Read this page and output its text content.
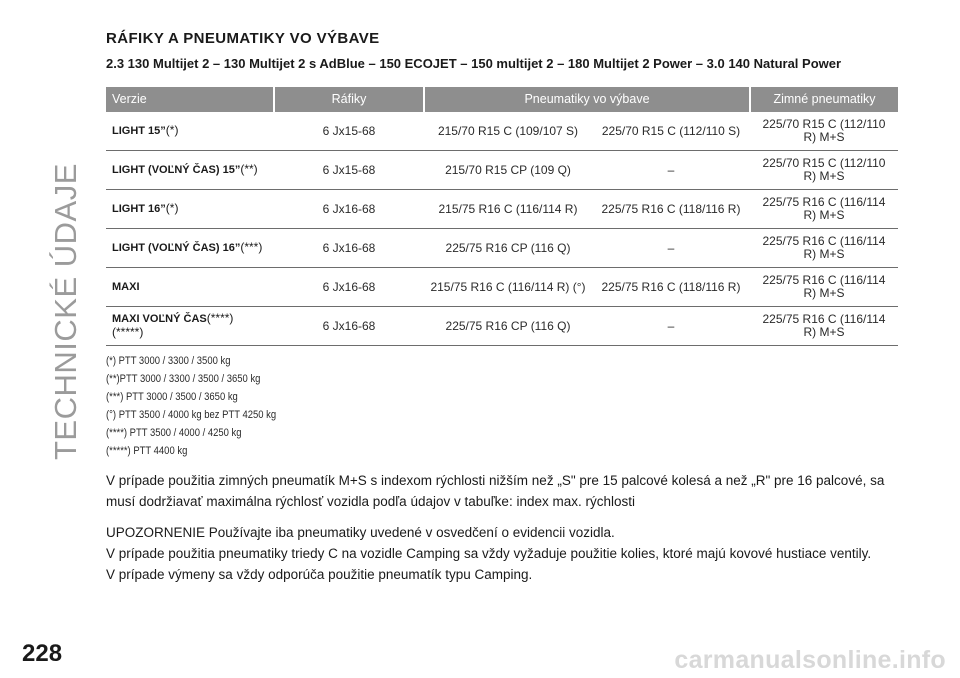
TECHNICKÉ ÚDAJE
228	carmanualsonline.info
RÁFIKY A PNEUMATIKY VO VÝBAVE

2.3 130 Multijet 2 – 130 Multijet 2 s AdBlue – 150 ECOJET – 150 multijet 2 – 180 Multijet 2 Power – 3.0 140 Natural Power

Verzie	Ráfiky	Pneumatiky vo výbave		Zimné pneumatiky
LIGHT 15”(*)	6 Jx15-68	215/70 R15 C (109/107 S)	225/70 R15 C (112/110 S)	225/70 R15 C (112/110 R) M+S
LIGHT (VOĽNÝ ČAS) 15”(**)	6 Jx15-68	215/70 R15 CP (109 Q)	–	225/70 R15 C (112/110 R) M+S
LIGHT 16”(*)	6 Jx16-68	215/75 R16 C (116/114 R)	225/75 R16 C (118/116 R)	225/75 R16 C (116/114 R) M+S
LIGHT (VOĽNÝ ČAS) 16”(***)	6 Jx16-68	225/75 R16 CP (116 Q)	–	225/75 R16 C (116/114 R) M+S
MAXI	6 Jx16-68	215/75 R16 C (116/114 R) (°)	225/75 R16 C (118/116 R)	225/75 R16 C (116/114 R) M+S
MAXI VOĽNÝ ČAS(****) (*****)	6 Jx16-68	225/75 R16 CP (116 Q)	–	225/75 R16 C (116/114 R) M+S
(*) PTT 3000 / 3300 / 3500 kg
(**)PTT 3000 / 3300 / 3500 / 3650 kg
(***) PTT 3000 / 3500 / 3650 kg
(°) PTT 3500 / 4000 kg bez PTT 4250 kg
(****) PTT 3500 / 4000 / 4250 kg
(*****) PTT 4400 kg

V prípade použitia zimných pneumatík M+S s indexom rýchlosti nižším než „S" pre 15 palcové kolesá a než „R" pre 16 palcové, sa musí dodržiavať maximálna rýchlosť vozidla podľa údajov v tabuľke: index max. rýchlosti

UPOZORNENIE Používajte iba pneumatiky uvedené v osvedčení o evidencii vozidla.

V prípade použitia pneumatiky triedy C na vozidle Camping sa vždy vyžaduje použitie kolies, ktoré majú kovové hustiace ventily.

V prípade výmeny sa vždy odporúča použitie pneumatík typu Camping.
